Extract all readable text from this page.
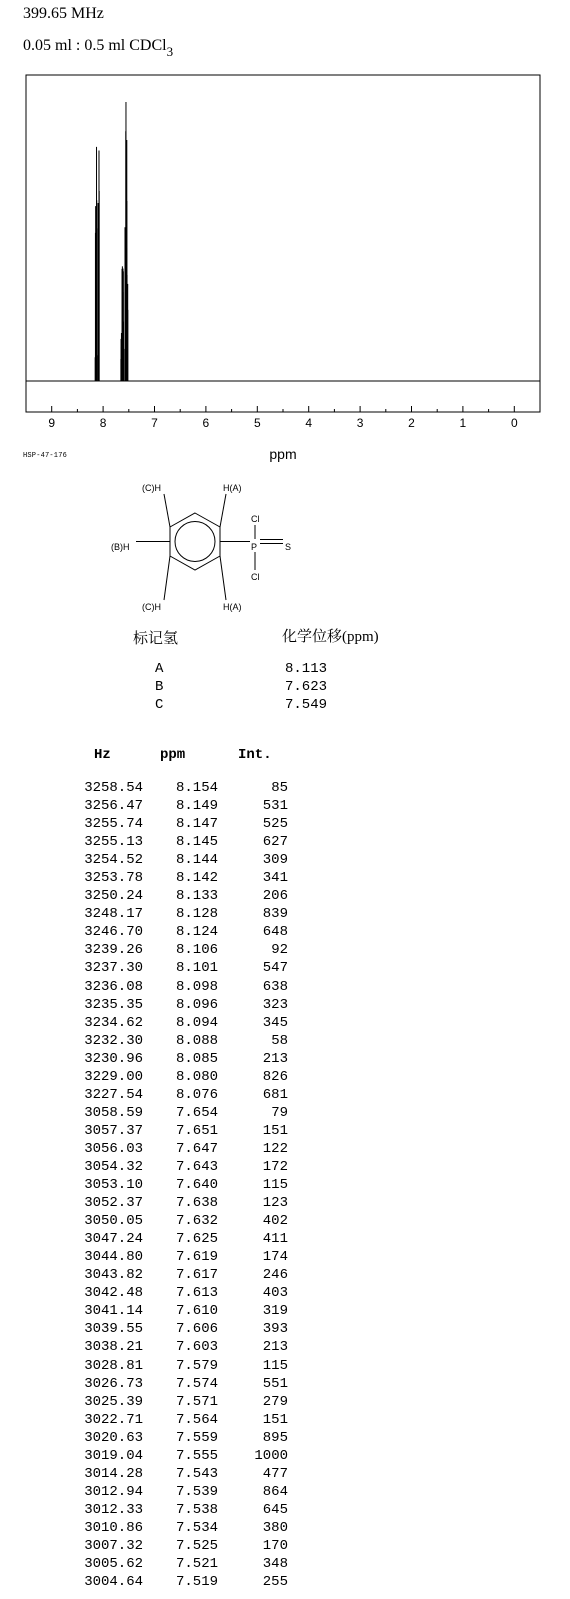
399.65 MHz
0.05 ml : 0.5 ml CDCl$_3$
9	8	7	6	5	4	3	2	1	0
ppm
HSP-47-176
(C)H	H(A)
(B)H
(C)H	H(A)
Cl
Cl
P	S
标记氢	化学位移(ppm)
A	8.113
B	7.623
C	7.549
Hz	ppm	Int.
3258.54 8.154	85
3256.47 8.149	531
3255.74 8.147	525
3255.13 8.145	627
3254.52 8.144	309
3253.78 8.142	341
3250.24 8.133	206
3248.17 8.128	839
3246.70 8.124	648
3239.26 8.106	92
3237.30 8.101	547
3236.08 8.098	638
3235.35 8.096	323
3234.62 8.094	345
3232.30 8.088	58
3230.96 8.085	213
3229.00 8.080	826
3227.54 8.076	681
3058.59 7.654	79
3057.37 7.651	151
3056.03 7.647	122
3054.32 7.643	172
3053.10 7.640	115
3052.37 7.638	123
3050.05 7.632	402
3047.24 7.625	411
3044.80 7.619	174
3043.82 7.617	246
3042.48 7.613	403
3041.14 7.610	319
3039.55 7.606	393
3038.21 7.603	213
3028.81 7.579	115
3026.73 7.574	551
3025.39 7.571	279
3022.71 7.564	151
3020.63 7.559	895
3019.04 7.555	1000
3014.28 7.543	477
3012.94 7.539	864
3012.33 7.538	645
3010.86 7.534	380
3007.32 7.525	170
3005.62 7.521	348
3004.64 7.519	255
